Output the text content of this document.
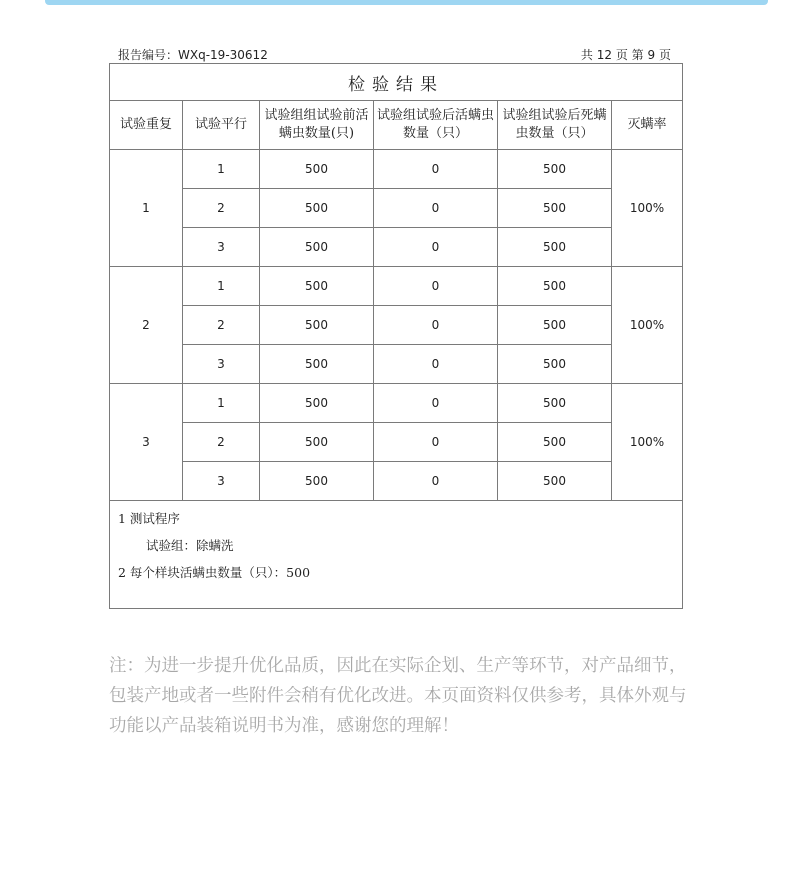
报告编号：WXq-19-30612	共 12 页 第 9 页
检验结果					
试验重复	试验平行	试验组组试验前活螨虫数量(只)	试验组试验后活螨虫数量（只）	试验组试验后死螨虫数量（只）	灭螨率
1	1	500	0	500	100%
	2	500	0	500	
	3	500	0	500	
2	1	500	0	500	100%
	2	500	0	500	
	3	500	0	500	
3	1	500	0	500	100%
	2	500	0	500	
	3	500	0	500	

1 测试程序
试验组：除螨洗
2 每个样块活螨虫数量（只）：500					
注：为进一步提升优化品质，因此在实际企划、生产等环节，对产品细节，包装产地或者一些附件会稍有优化改进。本页面资料仅供参考，具体外观与功能以产品装箱说明书为准，感谢您的理解！
